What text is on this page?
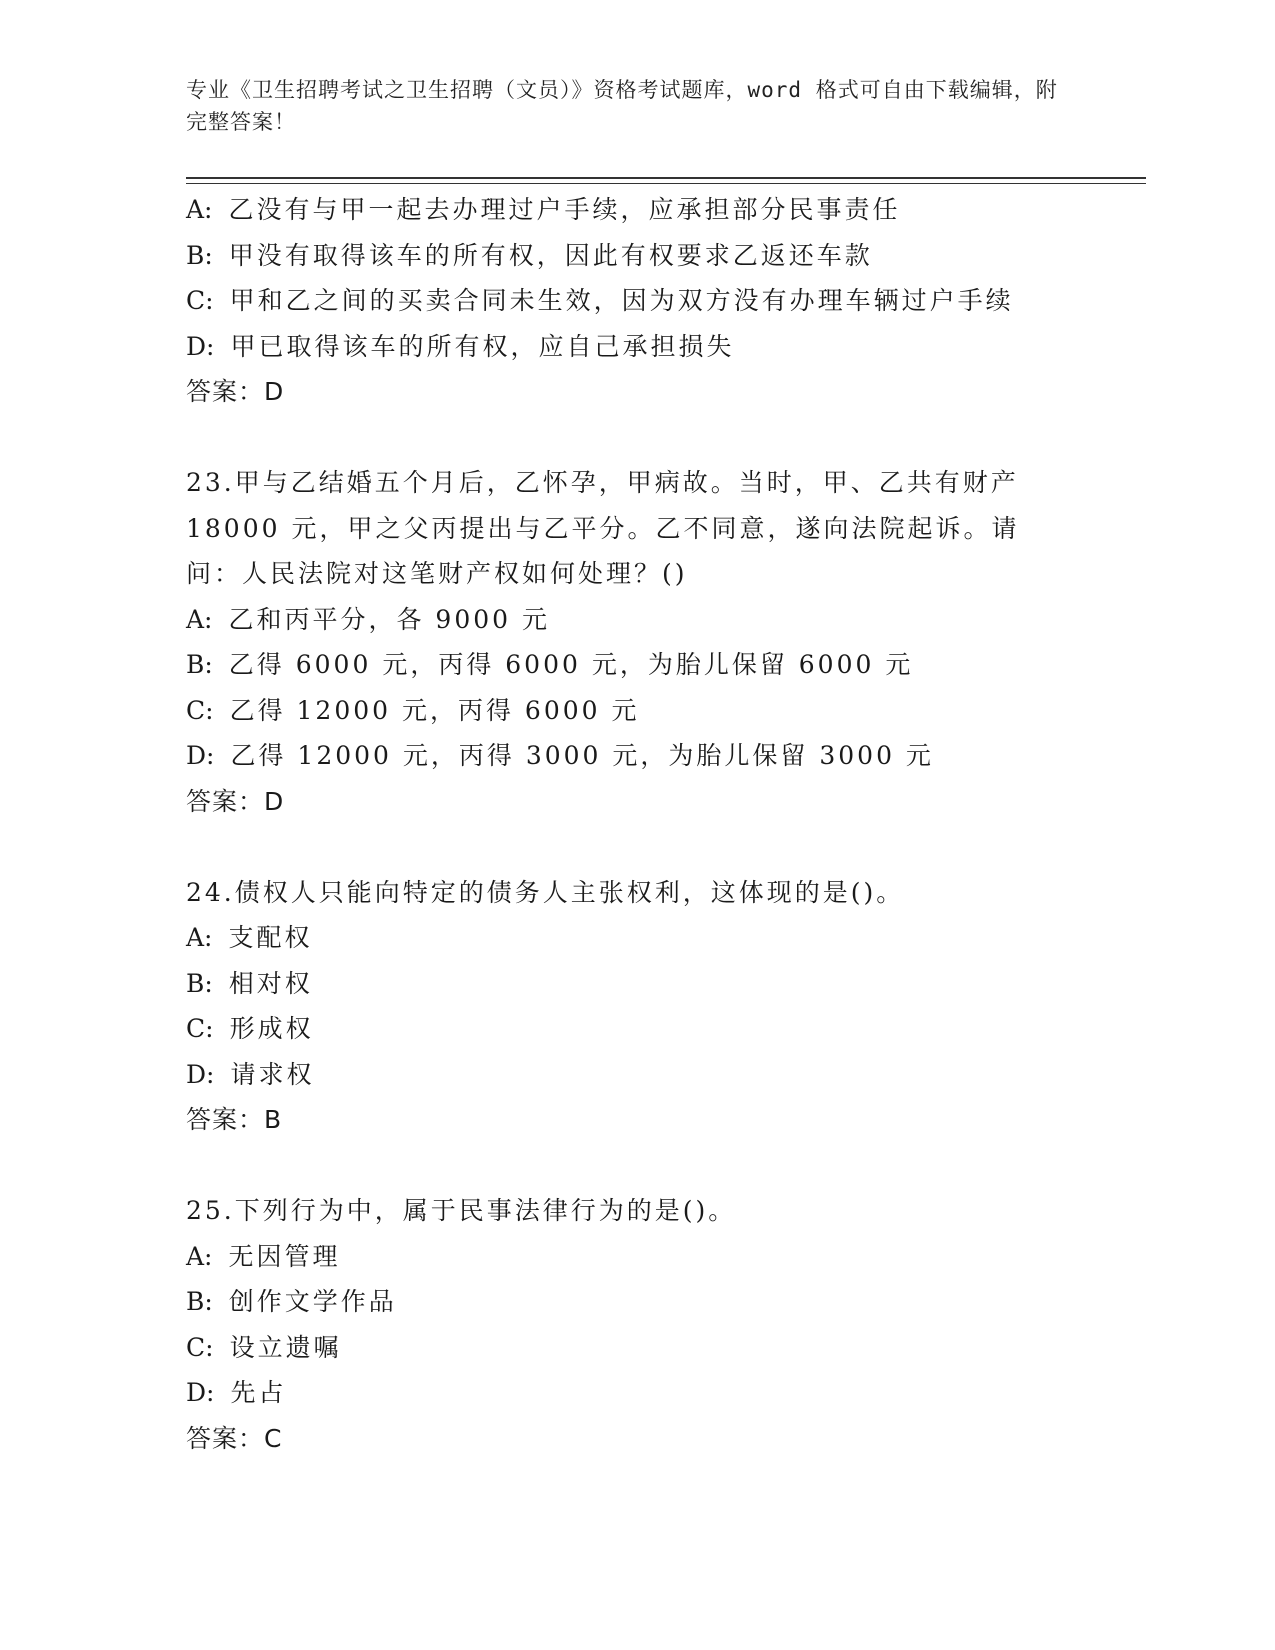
专业《卫生招聘考试之卫生招聘（文员）》资格考试题库，word 格式可自由下载编辑，附完整答案！
A: 乙没有与甲一起去办理过户手续，应承担部分民事责任
B: 甲没有取得该车的所有权，因此有权要求乙返还车款
C: 甲和乙之间的买卖合同未生效，因为双方没有办理车辆过户手续
D: 甲已取得该车的所有权，应自己承担损失
答案：D
23.甲与乙结婚五个月后，乙怀孕，甲病故。当时，甲、乙共有财产18000 元，甲之父丙提出与乙平分。乙不同意，遂向法院起诉。请问：人民法院对这笔财产权如何处理？()
A: 乙和丙平分，各 9000 元
B: 乙得 6000 元，丙得 6000 元，为胎儿保留 6000 元
C: 乙得 12000 元，丙得 6000 元
D: 乙得 12000 元，丙得 3000 元，为胎儿保留 3000 元
答案：D
24.债权人只能向特定的债务人主张权利，这体现的是()。
A: 支配权
B: 相对权
C: 形成权
D: 请求权
答案：B
25.下列行为中，属于民事法律行为的是()。
A: 无因管理
B: 创作文学作品
C: 设立遗嘱
D: 先占
答案：C
